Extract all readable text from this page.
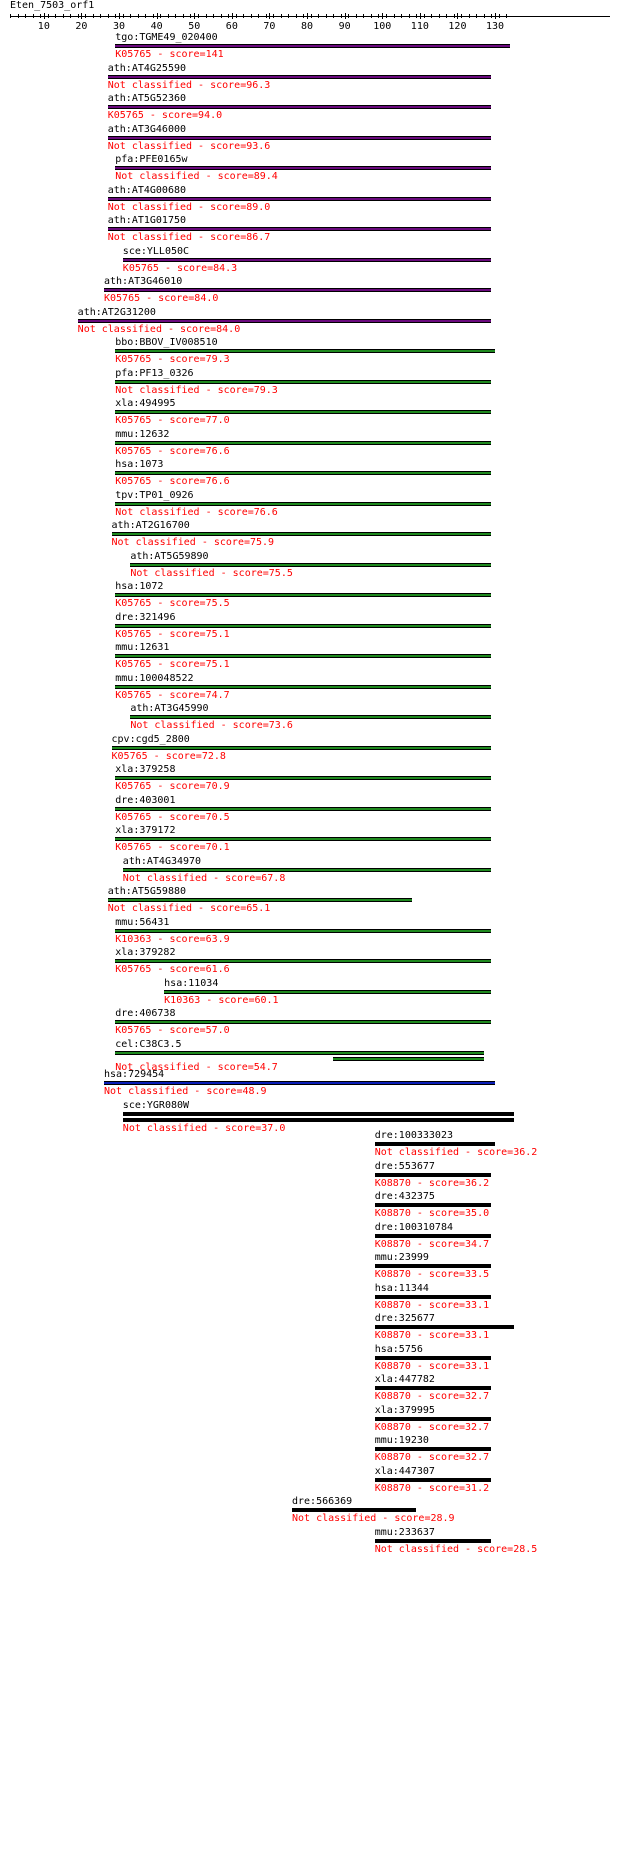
Eten_7503_orf1
10	20	30	40	50	60	70	80	90 100 110 120 130
tgo:TGME49_020400
K05765 - score=141
ath:AT4G25590
Not classified - score=96.3
ath:AT5G52360
K05765 - score=94.0
ath:AT3G46000
Not classified - score=93.6
pfa:PFE0165w
Not classified - score=89.4
ath:AT4G00680
Not classified - score=89.0
ath:AT1G01750
Not classified - score=86.7
sce:YLL050C
K05765 - score=84.3
ath:AT3G46010
K05765 - score=84.0
ath:AT2G31200
Not classified - score=84.0
bbo:BBOV_IV008510
K05765 - score=79.3
pfa:PF13_0326
Not classified - score=79.3
xla:494995
K05765 - score=77.0
mmu:12632
K05765 - score=76.6
hsa:1073
K05765 - score=76.6
tpv:TP01_0926
Not classified - score=76.6
ath:AT2G16700
Not classified - score=75.9
ath:AT5G59890
Not classified - score=75.5
hsa:1072
K05765 - score=75.5
dre:321496
K05765 - score=75.1
mmu:12631
K05765 - score=75.1
mmu:100048522
K05765 - score=74.7
ath:AT3G45990
Not classified - score=73.6
cpv:cgd5_2800
K05765 - score=72.8
xla:379258
K05765 - score=70.9
dre:403001
K05765 - score=70.5
xla:379172
K05765 - score=70.1
ath:AT4G34970
Not classified - score=67.8
ath:AT5G59880
Not classified - score=65.1
mmu:56431
K10363 - score=63.9
xla:379282
K05765 - score=61.6
hsa:11034
K10363 - score=60.1
dre:406738
K05765 - score=57.0
cel:C38C3.5
Not classified - score=54.7
hsa:729454
Not classified - score=48.9
sce:YGR080W
Not classified - score=37.0
dre:100333023
Not classified - score=36.2
dre:553677
K08870 - score=36.2
dre:432375
K08870 - score=35.0
dre:100310784
K08870 - score=34.7
mmu:23999
K08870 - score=33.5
hsa:11344
K08870 - score=33.1
dre:325677
K08870 - score=33.1
hsa:5756
K08870 - score=33.1
xla:447782
K08870 - score=32.7
xla:379995
K08870 - score=32.7
mmu:19230
K08870 - score=32.7
xla:447307
K08870 - score=31.2
dre:566369
Not classified - score=28.9
mmu:233637
Not classified - score=28.5
